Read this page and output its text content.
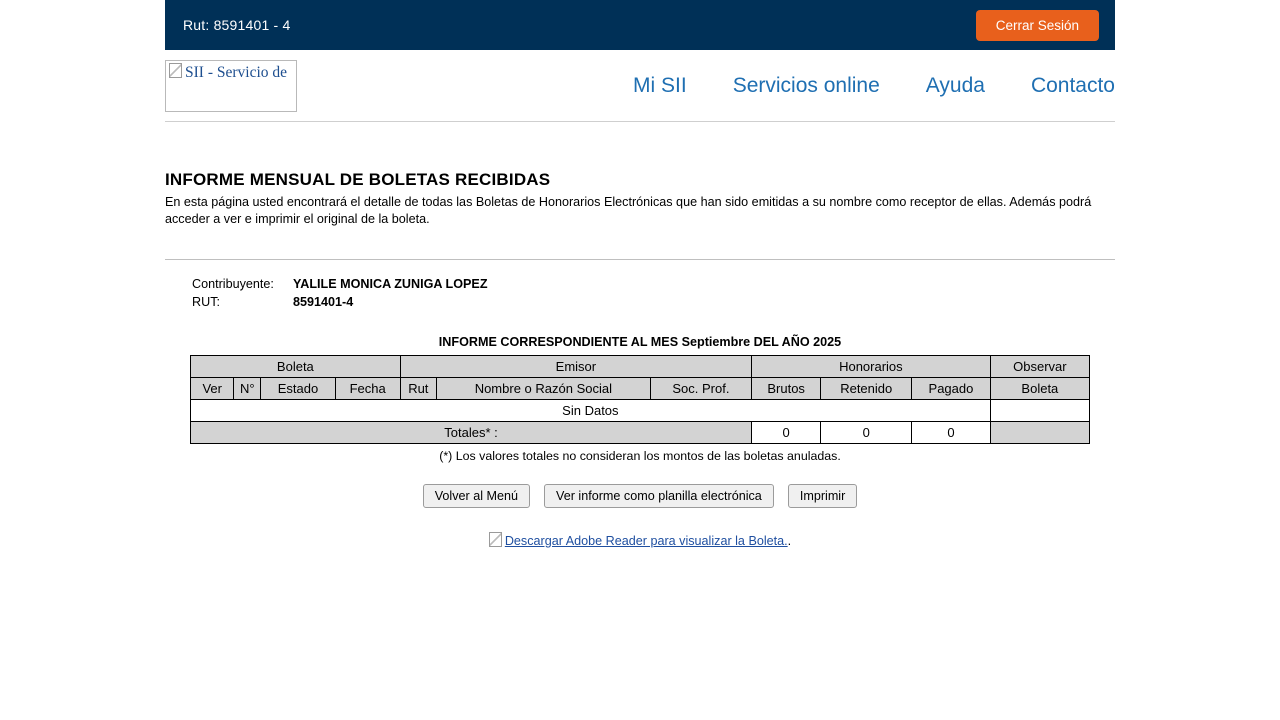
Rut: 8591401 - 4	Cerrar Sesión
SII - Servicio de
Mi SII Servicios online Ayuda Contacto
INFORME MENSUAL DE BOLETAS RECIBIDAS

En esta página usted encontrará el detalle de todas las Boletas de Honorarios Electrónicas que han sido emitidas a su nombre como receptor de ellas. Además podrá acceder a ver e imprimir el original de la boleta.

Contribuyente:	YALILE MONICA ZUNIGA LOPEZ
RUT:	8591401-4
INFORME CORRESPONDIENTE AL MES Septiembre DEL AÑO 2025
Boleta				Emisor			Honorarios			Observar
Ver	N°	Estado	Fecha	Rut	Nombre o Razón Social	Soc. Prof.	Brutos	Retenido	Pagado	Boleta
Sin Datos										
Totales* :							0	0	0	

(*) Los valores totales no consideran los montos de las boletas anuladas.

Volver al Menú	Ver informe como planilla electrónica	Imprimir
Descargar Adobe Reader para visualizar la Boleta..
